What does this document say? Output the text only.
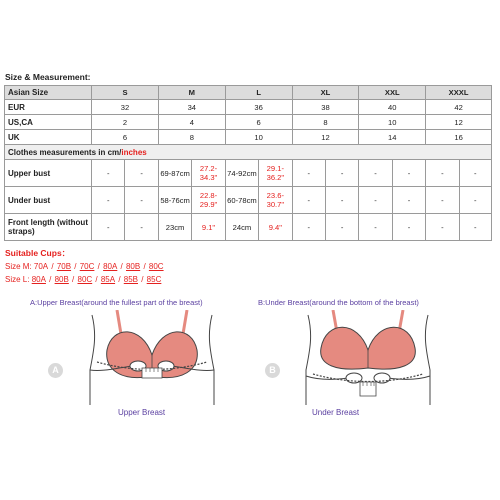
Size & Measurement:
Asian Size	S		M		L		XL		XXL		XXXL	
EUR	32		34		36		38		40		42	
US,CA	2		4		6		8		10		12	
UK	6		8		10		12		14		16	
Clothes measurements in cm/inches												
Upper bust	-	-	69-87cm	27.2-34.3"	74-92cm	29.1-36.2"	-	-	-	-	-	-
Under bust	-	-	58-76cm	22.8-29.9"	60-78cm	23.6-30.7"	-	-	-	-	-	-
Front length (without straps)	-	-	23cm	9.1"	24cm	9.4"	-	-	-	-	-	-
Suitable Cups：
Size M: 70A / 70B / 70C / 80A / 80B / 80C
Size L: 80A / 80B / 80C / 85A / 85B / 85C
A:Upper Breast(around the fullest part of the breast)	B:Under Breast(around the bottom of the breast)
A	B
Upper Breast	Under Breast
